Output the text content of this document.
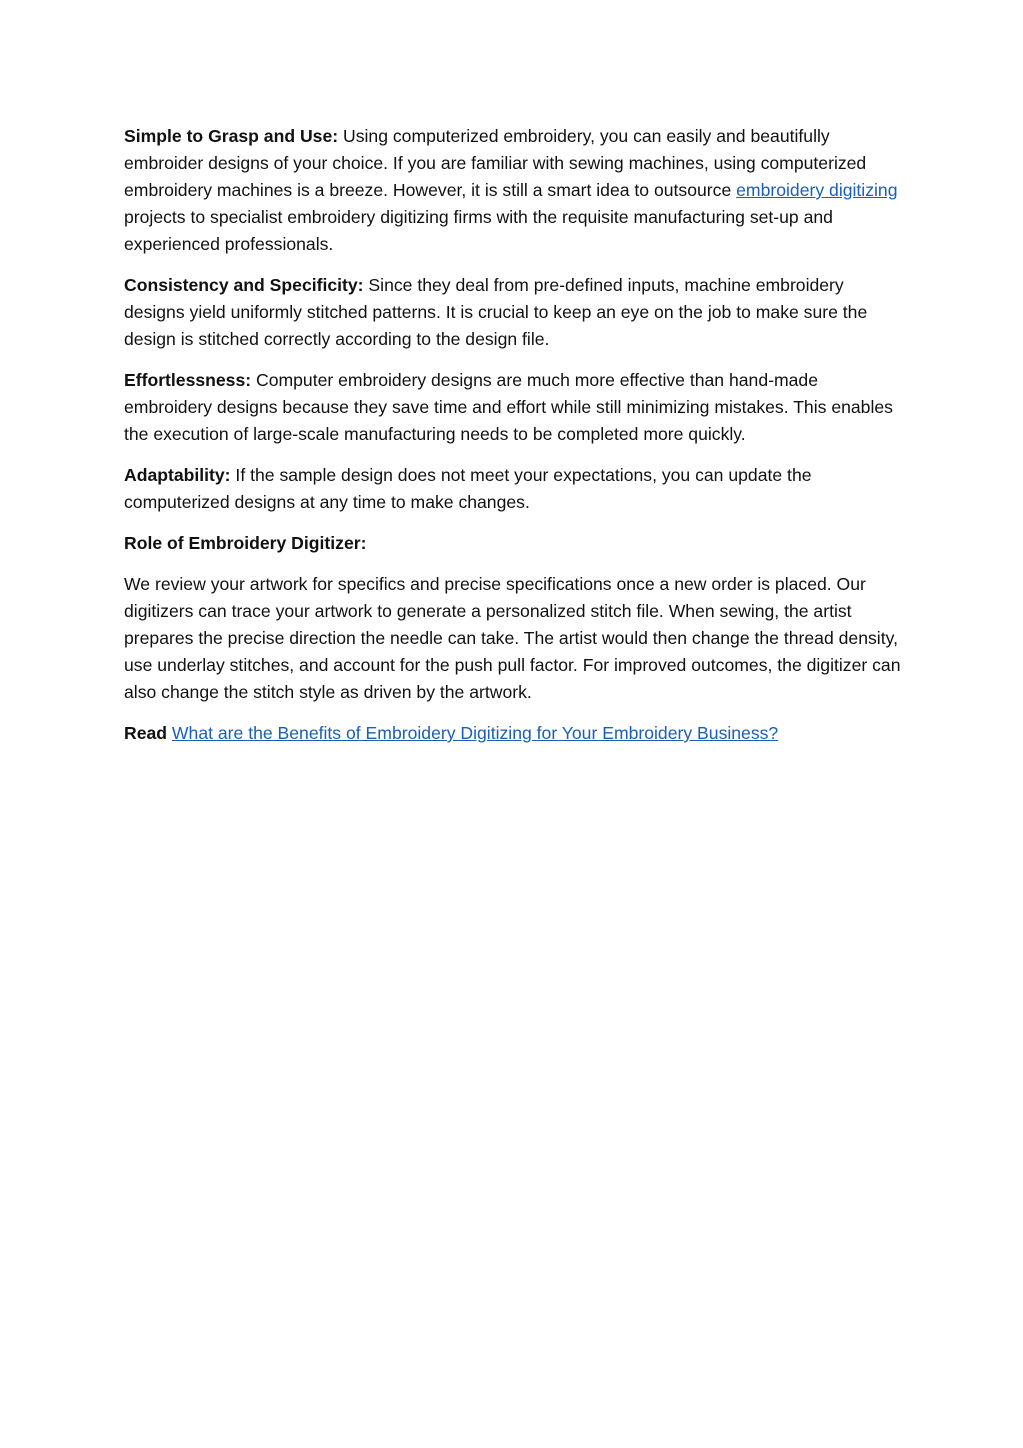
Simple to Grasp and Use: Using computerized embroidery, you can easily and beautifully embroider designs of your choice. If you are familiar with sewing machines, using computerized embroidery machines is a breeze. However, it is still a smart idea to outsource embroidery digitizing projects to specialist embroidery digitizing firms with the requisite manufacturing set-up and experienced professionals.

Consistency and Specificity: Since they deal from pre-defined inputs, machine embroidery designs yield uniformly stitched patterns. It is crucial to keep an eye on the job to make sure the design is stitched correctly according to the design file.

Effortlessness: Computer embroidery designs are much more effective than hand-made embroidery designs because they save time and effort while still minimizing mistakes. This enables the execution of large-scale manufacturing needs to be completed more quickly.

Adaptability: If the sample design does not meet your expectations, you can update the computerized designs at any time to make changes.

Role of Embroidery Digitizer:

We review your artwork for specifics and precise specifications once a new order is placed. Our digitizers can trace your artwork to generate a personalized stitch file. When sewing, the artist prepares the precise direction the needle can take. The artist would then change the thread density, use underlay stitches, and account for the push pull factor. For improved outcomes, the digitizer can also change the stitch style as driven by the artwork.

Read What are the Benefits of Embroidery Digitizing for Your Embroidery Business?
